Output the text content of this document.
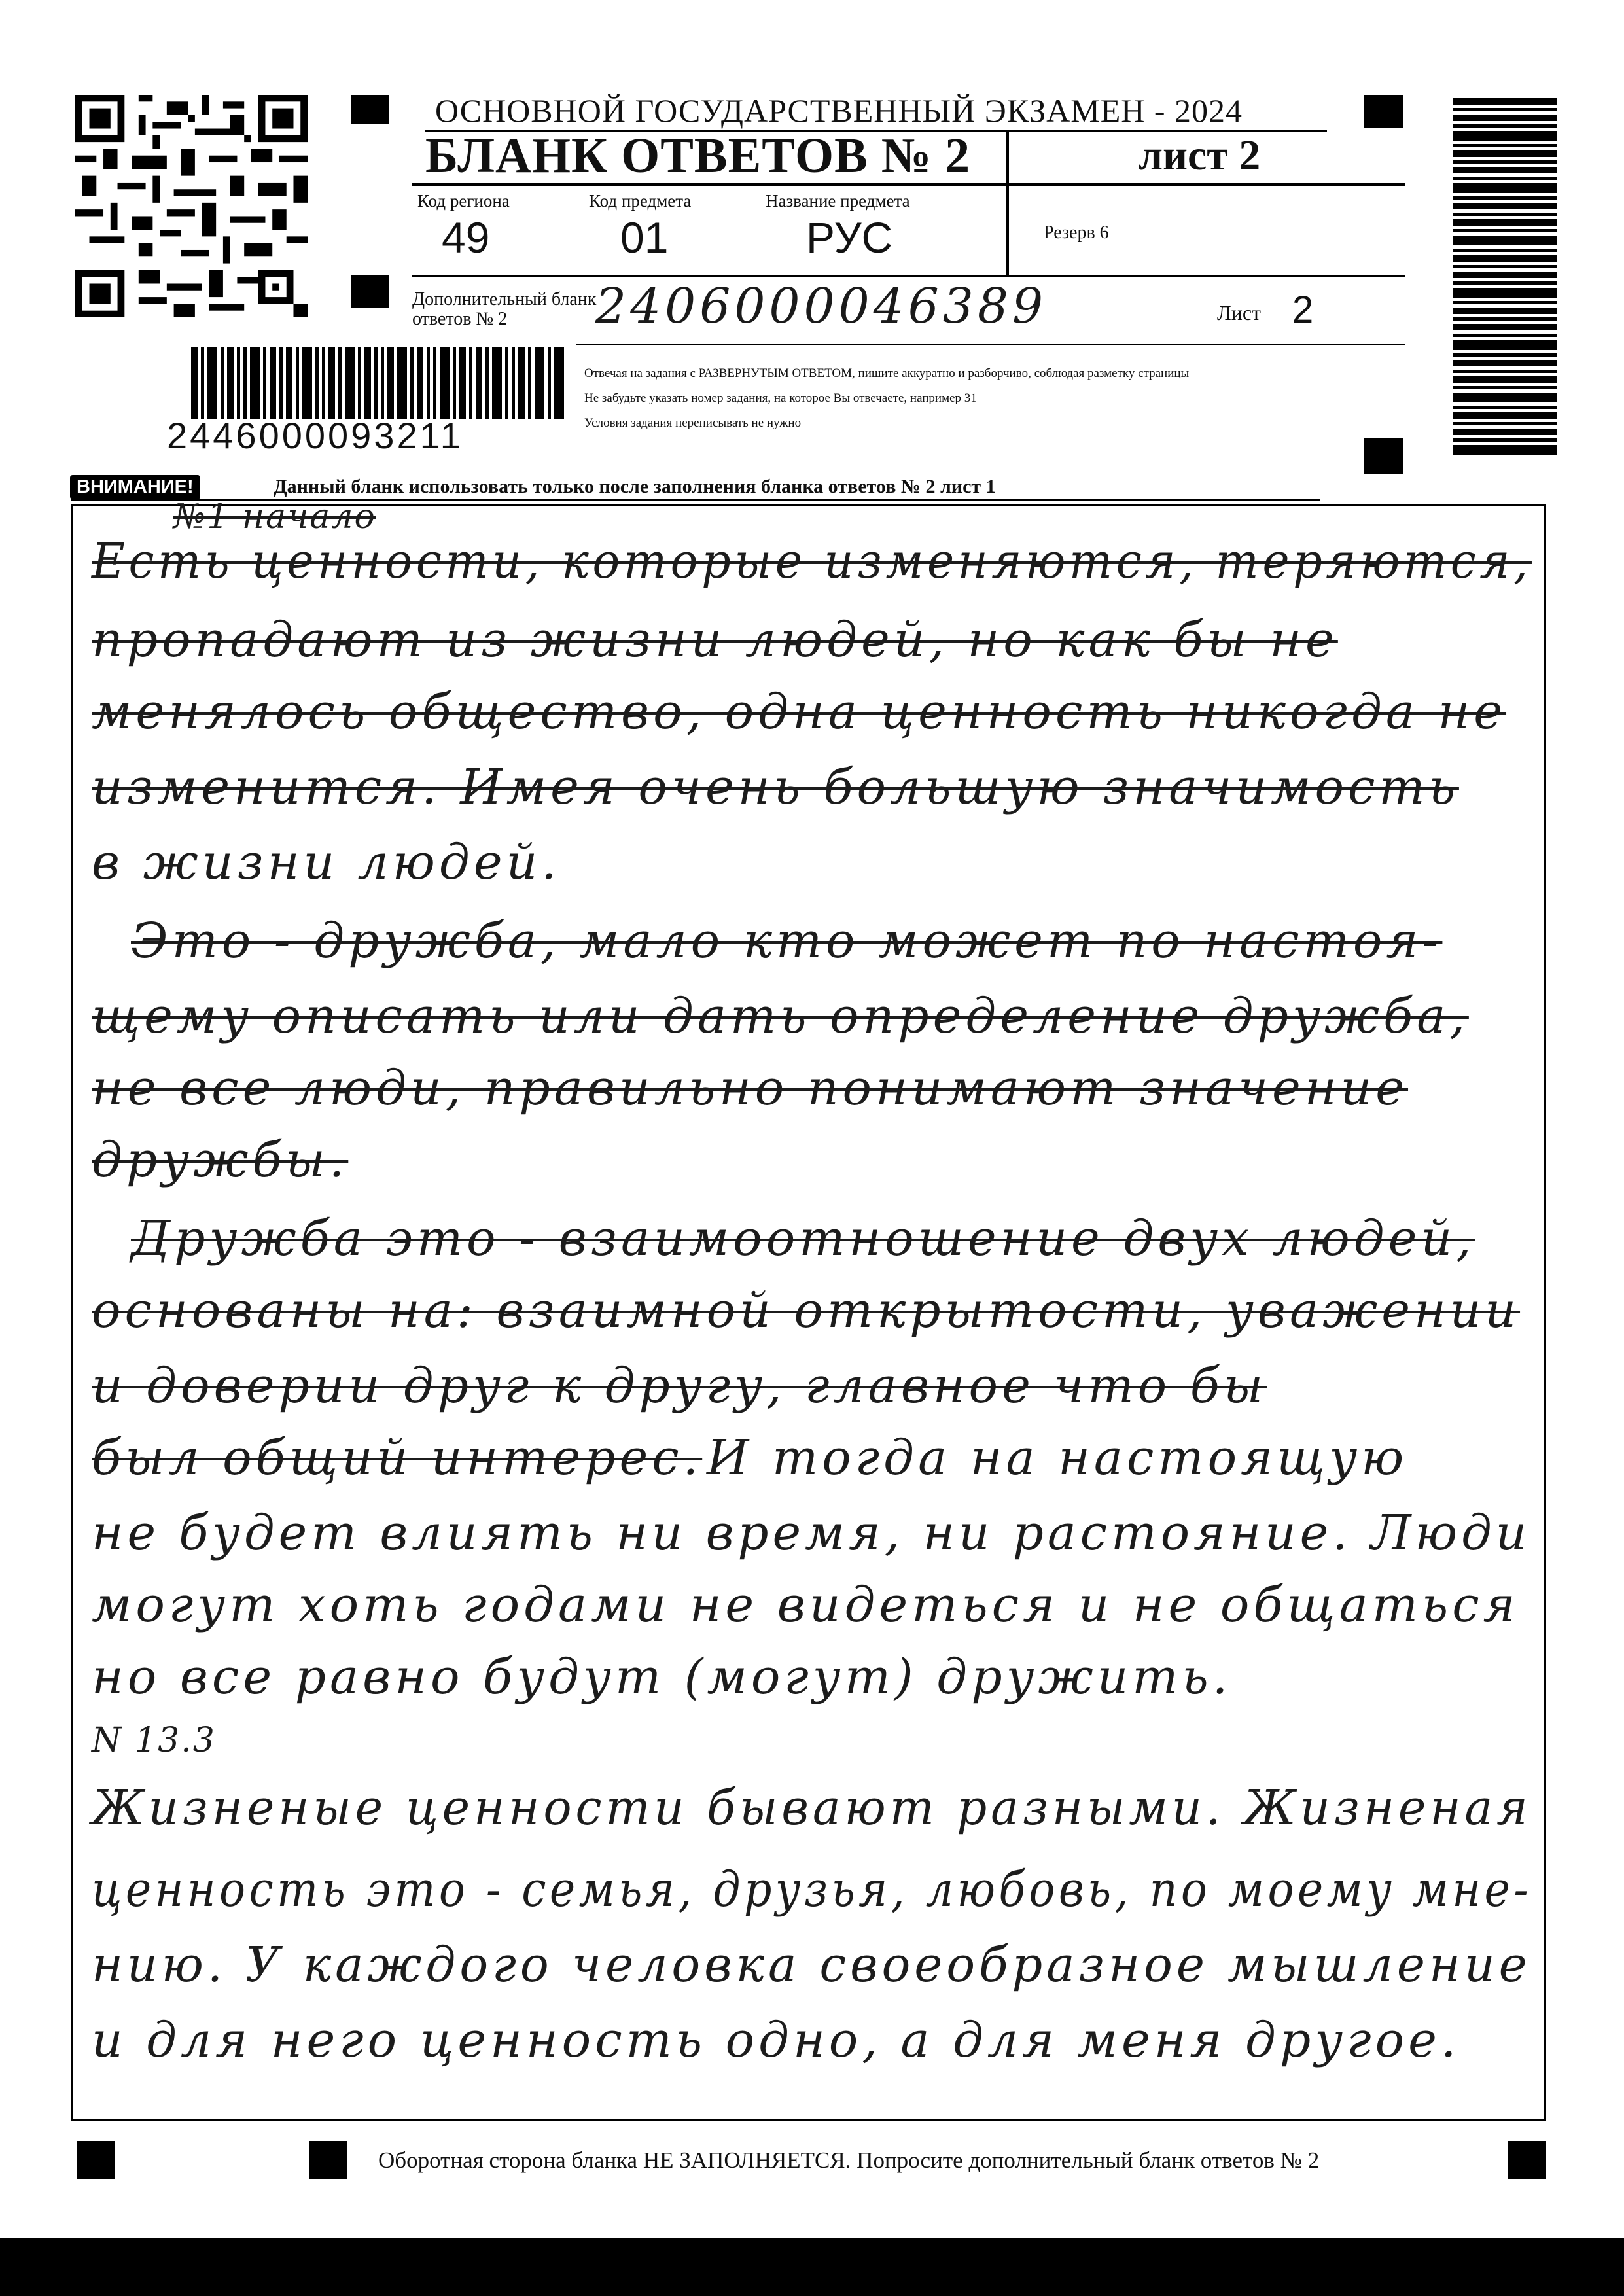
ОСНОВНОЙ ГОСУДАРСТВЕННЫЙ ЭКЗАМЕН - 2024
БЛАНК ОТВЕТОВ № 2	лист 2
Код региона
49
Код предмета
01
Название предмета
РУС	Резерв 6
Дополнительный бланк ответов № 2	2406000046389	Лист 2
Отвечая на задания с РАЗВЕРНУТЫМ ОТВЕТОМ, пишите аккуратно и разборчиво, соблюдая разметку страницы
Не забудьте указать номер задания, на которое Вы отвечаете, например 31
Условия задания переписывать не нужно
2446000093211
ВНИМАНИЕ!	Данный бланк использовать только после заполнения бланка ответов № 2 лист 1
№1 начало
Есть ценности, которые изменяются, теряются,
пропадают из жизни людей, но как бы не
менялось общество, одна ценность никогда не
изменится. Имея очень большую значимость
в жизни людей.
Это - дружба, мало кто может по настоя-
щему описать или дать определение дружба,
не все люди, правильно понимают значение
дружбы.
Дружба это - взаимоотношение двух людей,
основаны на: взаимной открытости, уважении
и доверии друг к другу, главное что бы
был общий интерес. И тогда на настоящую
не будет влиять ни время, ни растояние. Люди
могут хоть годами не видеться и не общаться
но все равно будут (могут) дружить.
N 13.3
Жизненые ценности бывают разными. Жизненая
ценность это - семья, друзья, любовь, по моему мне-
нию. У каждого человка своеобразное мышление
и для него ценность одно, а для меня другое.
Оборотная сторона бланка НЕ ЗАПОЛНЯЕТСЯ. Попросите дополнительный бланк ответов № 2
